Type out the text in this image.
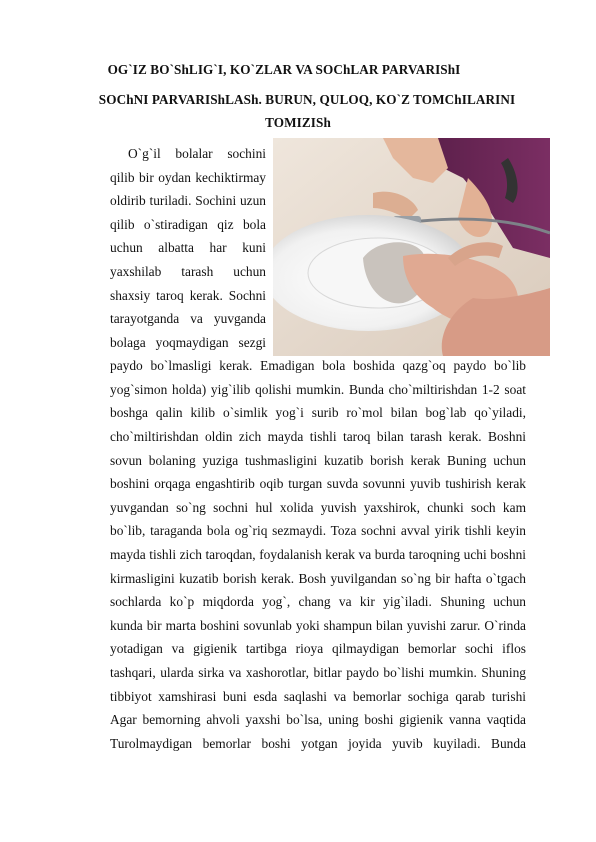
OG`IZ BO`ShLIG`I, KO`ZLAR VA SOChLAR PARVARIShI
SOChNI PARVARIShLASh. BURUN, QULOQ, KO`Z TOMChILARINI
TOMIZISh
O`g`il bolalar sochini
qilib bir oydan kechiktirmay
oldirib turiladi. Sochini uzun
qilib o`stiradigan qiz bola
uchun albatta har kuni
yaxshilab tarash uchun
shaxsiy taroq kerak. Sochni
tarayotganda va yuvganda
bolaga yoqmaydigan sezgi
paydo bo`lmasligi kerak. Emadigan bola boshida qazg`oq paydo bo`lib
yog`simon holda) yig`ilib qolishi mumkin. Bunda cho`miltirishdan 1-2 soat
boshga qalin kilib o`simlik yog`i surib ro`mol bilan bog`lab qo`yiladi,
cho`miltirishdan oldin zich mayda tishli taroq bilan tarash kerak. Boshni
sovun bolaning yuziga tushmasligini kuzatib borish kerak Buning uchun
boshini orqaga engashtirib oqib turgan suvda sovunni yuvib tushirish kerak
yuvgandan so`ng sochni hul xolida yuvish yaxshirok, chunki soch kam
bo`lib, taraganda bola og`riq sezmaydi. Toza sochni avval yirik tishli keyin
mayda tishli zich taroqdan, foydalanish kerak va burda taroqning uchi boshni
kirmasligini kuzatib borish kerak. Bosh yuvilgandan so`ng bir hafta o`tgach
sochlarda ko`p miqdorda yog`, chang va kir yig`iladi. Shuning uchun
kunda bir marta boshini sovunlab yoki shampun bilan yuvishi zarur. O`rinda
yotadigan va gigienik tartibga rioya qilmaydigan bemorlar sochi iflos
tashqari, ularda sirka va xashorotlar, bitlar paydo bo`lishi mumkin. Shuning
tibbiyot xamshirasi buni esda saqlashi va bemorlar sochiga qarab turishi
Agar bemorning ahvoli yaxshi bo`lsa, uning boshi gigienik vanna vaqtida
Turolmaydigan bemorlar boshi yotgan joyida yuvib kuyiladi. Bunda
